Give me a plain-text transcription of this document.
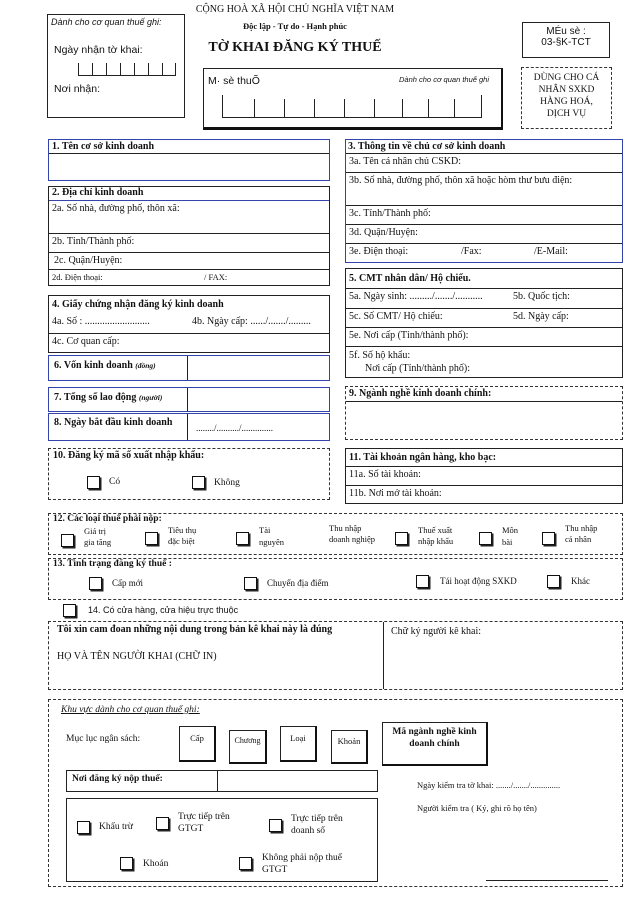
Dành cho cơ quan thuế ghi:
Ngày nhận tờ khai:
Nơi nhận:
CỘNG HOÀ XÃ HỘI CHỦ NGHĨA VIỆT NAM
Độc lập - Tự do - Hạnh phúc
TỜ KHAI ĐĂNG KÝ THUẾ
M· sè thuÕ	Dành cho cơ quan thuế ghi
MÉu sè :
03-§K-TCT
DÙNG CHO CÁ NHÂN SXKD HÀNG HOÁ, DỊCH VỤ
1. Tên cơ sở kinh doanh
2. Địa chỉ kinh doanh
2a. Số nhà, đường phố, thôn xã:
2b. Tỉnh/Thành phố:
2c. Quận/Huyện:
2d. Điện thoại:	/ FAX:
4. Giấy chứng nhận đăng ký kinh doanh
4a. Số : ..........................	4b. Ngày cấp: ....../......./.........
4c. Cơ quan cấp:
6. Vốn kinh doanh (đồng)
7. Tổng số lao động (người)
8. Ngày bắt đầu kinh doanh	......../........../..............
10. Đăng ký mã số xuất nhập khẩu:
Có	Không
3. Thông tin về chủ cơ sở kinh doanh
3a. Tên cá nhân chủ CSKD:
3b. Số nhà, đường phố, thôn xã hoặc hòm thư bưu điện:
3c. Tỉnh/Thành phố:
3d. Quận/Huyện:
3e. Điện thoại:	/Fax:	/E-Mail:
5. CMT nhân dân/ Hộ chiếu.
5a. Ngày sinh: ........./......./...........	5b. Quốc tịch:
5c. Số CMT/ Hộ chiếu:	5d. Ngày cấp:
5e. Nơi cấp (Tỉnh/thành phố):
5f. Số hộ khẩu:
Nơi cấp (Tỉnh/thành phố):
9. Ngành nghề kinh doanh chính:
11. Tài khoản ngân hàng, kho bạc:
11a. Số tài khoản:
11b. Nơi mở tài khoản:
12. Các loại thuế phải nộp:
Giá trị
gia tăng
Tiêu thụ
đặc biệt
Tài
nguyên
Thu nhập
doanh nghiệp
Thuế xuất
nhập khẩu
Môn
bài
Thu nhập
cá nhân
13. Tình trạng đăng ký thuế :
Cấp mới	Chuyển địa điểm	Tái hoạt động SXKD	Khác
14. Có cửa hàng, cửa hiệu trực thuộc
Tôi xin cam đoan những nội dung trong bản kê khai này là đúng
HỌ VÀ TÊN NGƯỜI KHAI (CHỮ IN)
Chữ ký người kê khai:
Khu vực dành cho cơ quan thuế ghi:
Mục lục ngân sách:	Cấp	Chương	Loại	Khoản
Mã ngành nghề kinh doanh chính
Nơi đăng ký nộp thuế:
Ngày kiểm tra tờ khai: ......./......./..............
Người kiểm tra ( Ký, ghi rõ họ tên)
Khấu trừ
Trực tiếp trên GTGT
Trực tiếp trên doanh số
Khoán
Không phải nộp thuế GTGT
